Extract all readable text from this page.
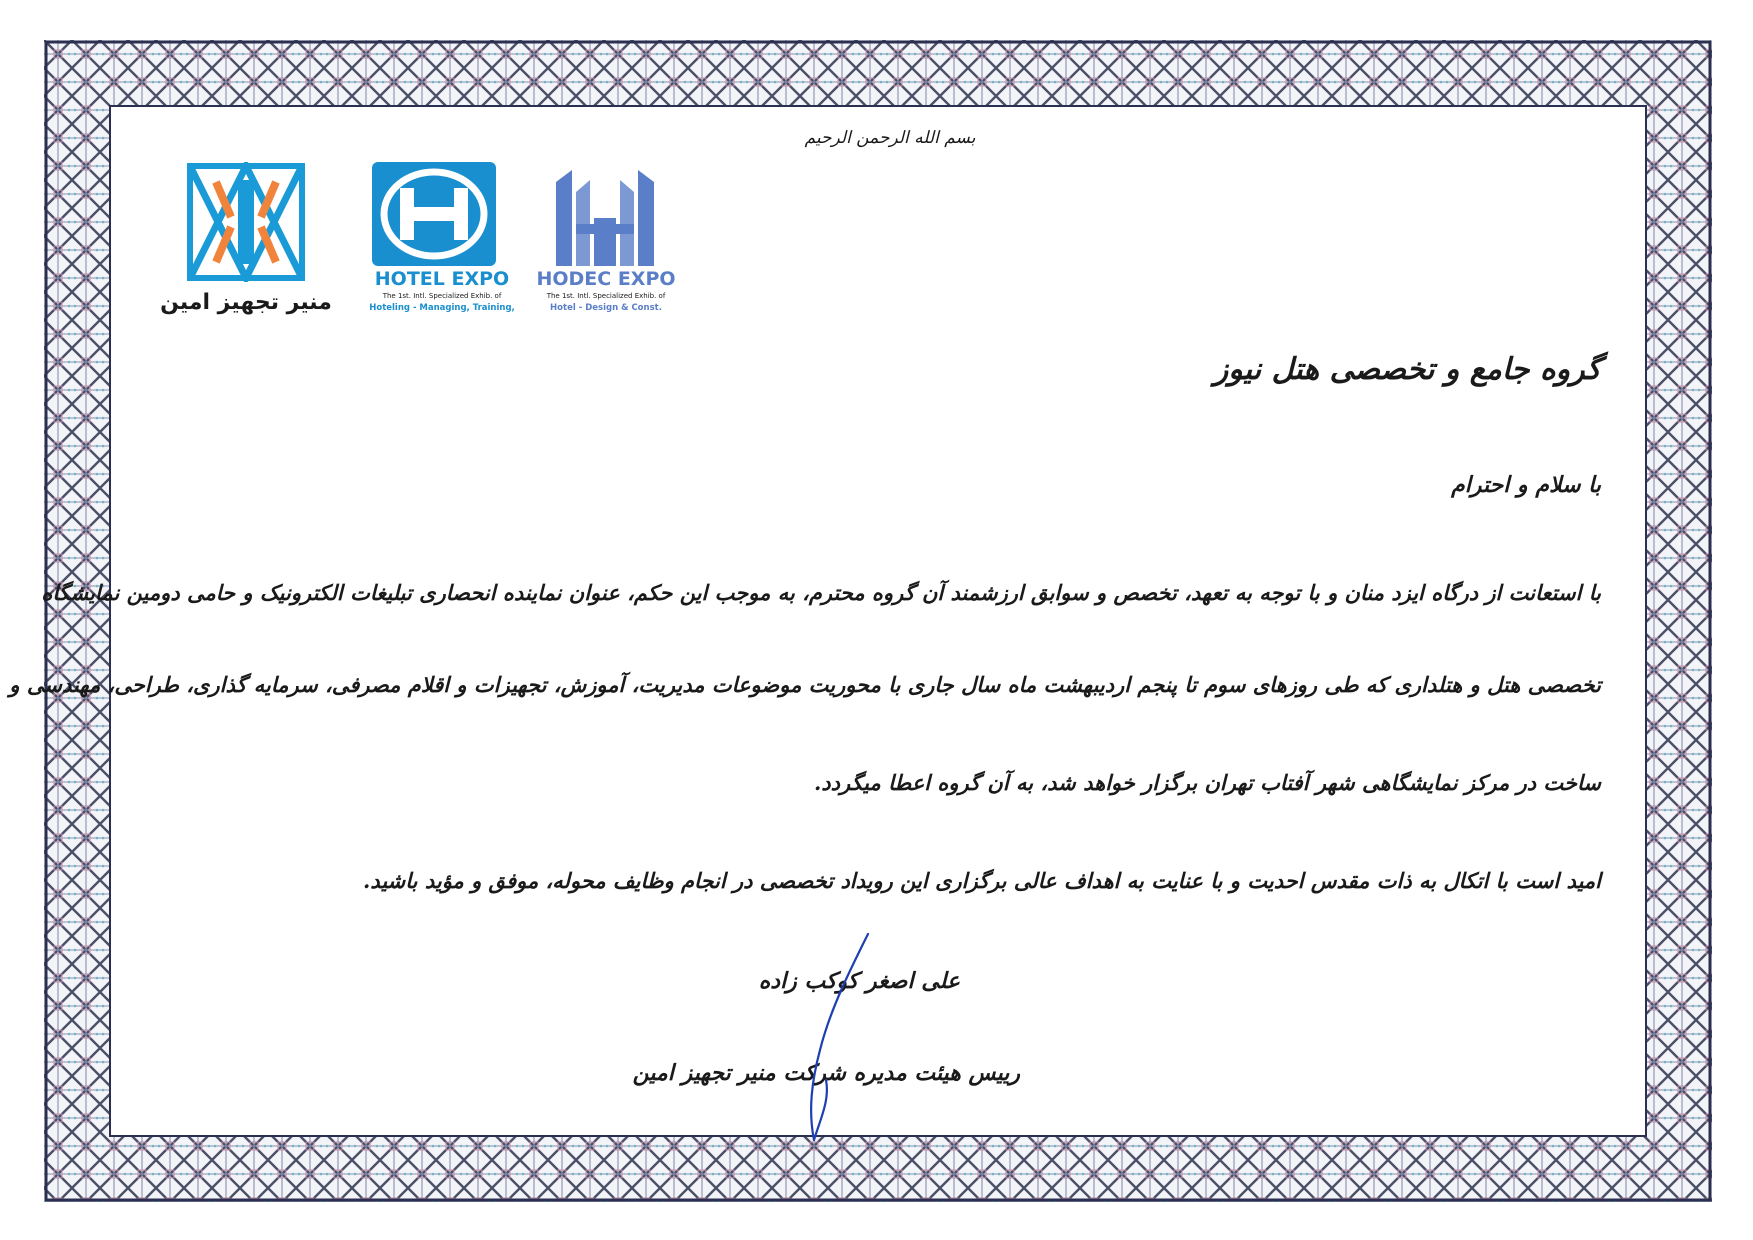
بسم الله الرحمن الرحیم
منیر تجهیز امین
HOTEL EXPO
The 1st. Intl. Specialized Exhib. of
Hoteling - Managing, Training,
HODEC EXPO
The 1st. Intl. Specialized Exhib. of
Hotel - Design & Const.
گروه جامع و تخصصی هتل نیوز
با سلام و احترام
با استعانت از درگاه ایزد منان و با توجه به تعهد، تخصص و سوابق ارزشمند آن گروه محترم، به موجب این حکم، عنوان نماینده انحصاری تبلیغات الکترونیک و حامی دومین نمایشگاه
تخصصی هتل و هتلداری که طی روزهای سوم تا پنجم اردیبهشت ماه سال جاری با محوریت موضوعات مدیریت، آموزش، تجهیزات و اقلام مصرفی، سرمایه گذاری، طراحی، مهندسی و
ساخت در مرکز نمایشگاهی شهر آفتاب تهران برگزار خواهد شد، به آن گروه اعطا میگردد.
امید است با اتکال به ذات مقدس احدیت و با عنایت به اهداف عالی برگزاری این رویداد تخصصی در انجام وظایف محوله، موفق و مؤید باشید.
علی اصغر کوکب زاده
رییس هیئت مدیره شرکت منیر تجهیز امین
